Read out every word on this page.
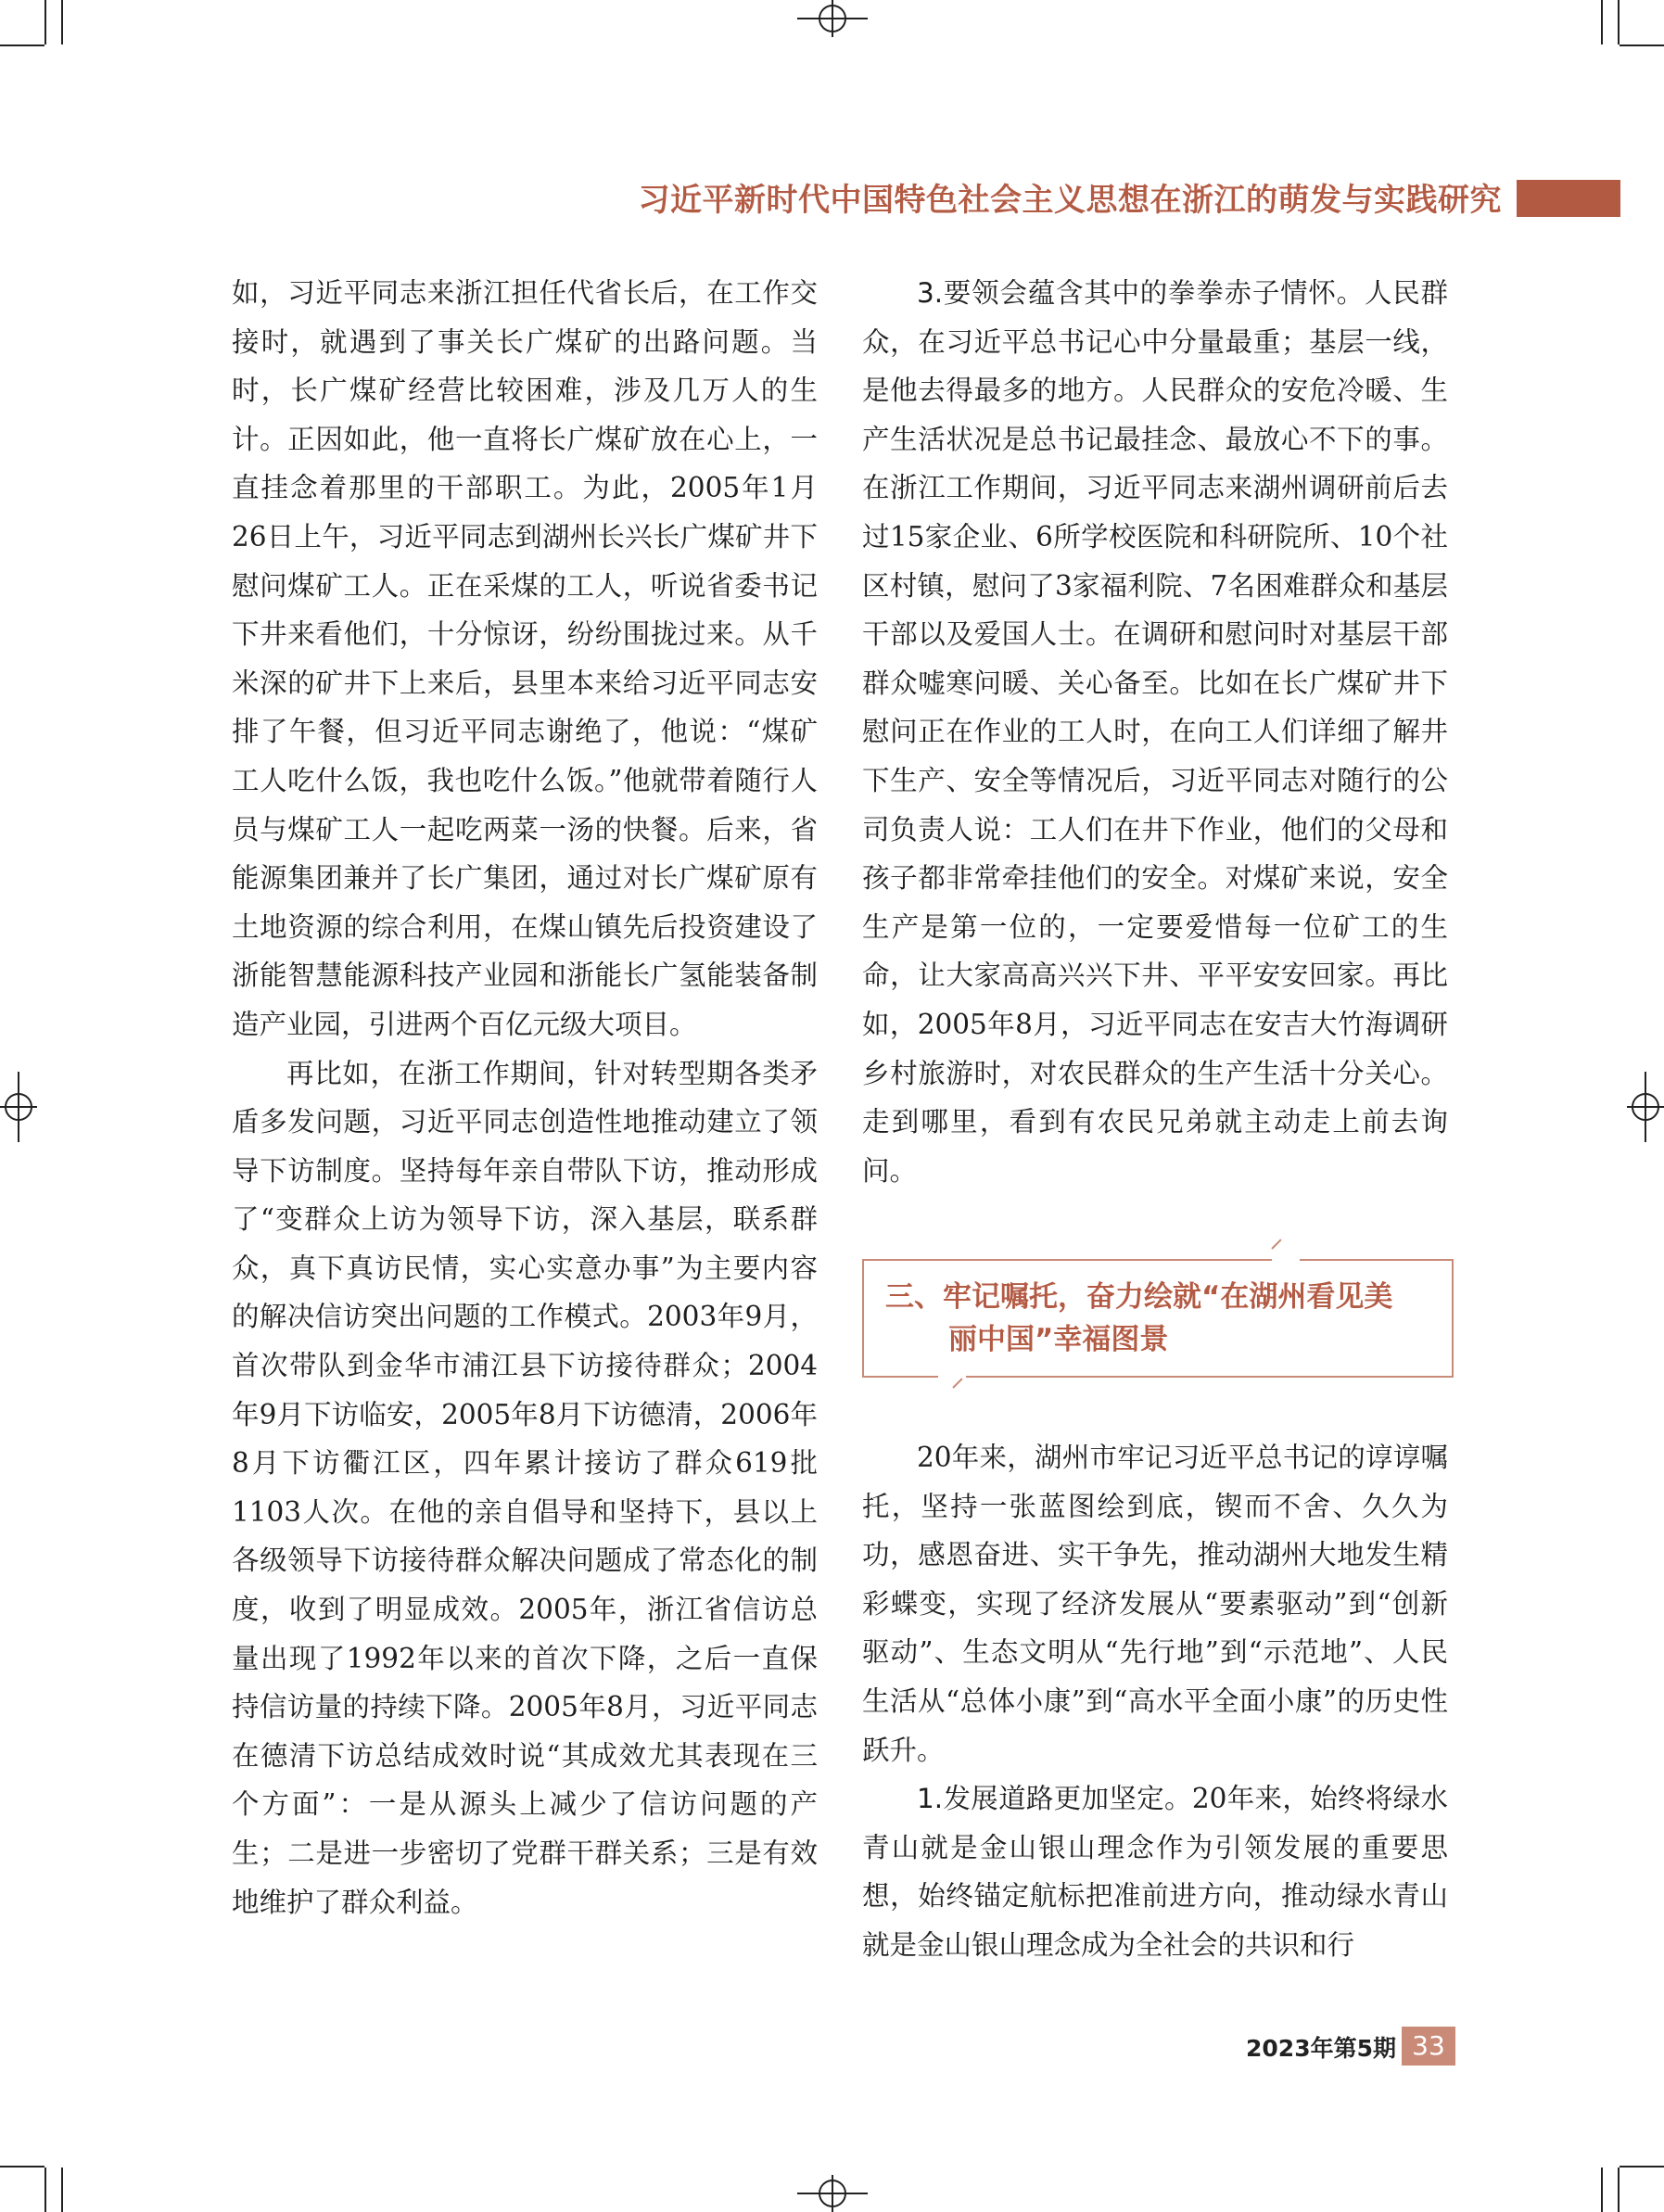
习近平新时代中国特色社会主义思想在浙江的萌发与实践研究

如，习近平同志来浙江担任代省长后，在工作交接时，就遇到了事关长广煤矿的出路问题。当时，长广煤矿经营比较困难，涉及几万人的生计。正因如此，他一直将长广煤矿放在心上，一直挂念着那里的干部职工。为此，2005年1月26日上午，习近平同志到湖州长兴长广煤矿井下慰问煤矿工人。正在采煤的工人，听说省委书记下井来看他们，十分惊讶，纷纷围拢过来。从千米深的矿井下上来后，县里本来给习近平同志安排了午餐，但习近平同志谢绝了，他说：“煤矿工人吃什么饭，我也吃什么饭。”他就带着随行人员与煤矿工人一起吃两菜一汤的快餐。后来，省能源集团兼并了长广集团，通过对长广煤矿原有土地资源的综合利用，在煤山镇先后投资建设了浙能智慧能源科技产业园和浙能长广氢能装备制造产业园，引进两个百亿元级大项目。

再比如，在浙工作期间，针对转型期各类矛盾多发问题，习近平同志创造性地推动建立了领导下访制度。坚持每年亲自带队下访，推动形成了“变群众上访为领导下访，深入基层，联系群众，真下真访民情，实心实意办事”为主要内容的解决信访突出问题的工作模式。2003年9月，首次带队到金华市浦江县下访接待群众；2004年9月下访临安，2005年8月下访德清，2006年8月下访衢江区，四年累计接访了群众619批1103人次。在他的亲自倡导和坚持下，县以上各级领导下访接待群众解决问题成了常态化的制度，收到了明显成效。2005年，浙江省信访总量出现了1992年以来的首次下降，之后一直保持信访量的持续下降。2005年8月，习近平同志在德清下访总结成效时说“其成效尤其表现在三个方面”：一是从源头上减少了信访问题的产生；二是进一步密切了党群干群关系；三是有效地维护了群众利益。

3.要领会蕴含其中的拳拳赤子情怀。人民群众，在习近平总书记心中分量最重；基层一线，是他去得最多的地方。人民群众的安危冷暖、生产生活状况是总书记最挂念、最放心不下的事。在浙江工作期间，习近平同志来湖州调研前后去过15家企业、6所学校医院和科研院所、10个社区村镇，慰问了3家福利院、7名困难群众和基层干部以及爱国人士。在调研和慰问时对基层干部群众嘘寒问暖、关心备至。比如在长广煤矿井下慰问正在作业的工人时，在向工人们详细了解井下生产、安全等情况后，习近平同志对随行的公司负责人说：工人们在井下作业，他们的父母和孩子都非常牵挂他们的安全。对煤矿来说，安全生产是第一位的，一定要爱惜每一位矿工的生命，让大家高高兴兴下井、平平安安回家。再比如，2005年8月，习近平同志在安吉大竹海调研乡村旅游时，对农民群众的生产生活十分关心。走到哪里，看到有农民兄弟就主动走上前去询问。

三、牢记嘱托，奋力绘就“在湖州看见美
丽中国”幸福图景

20年来，湖州市牢记习近平总书记的谆谆嘱托，坚持一张蓝图绘到底，锲而不舍、久久为功，感恩奋进、实干争先，推动湖州大地发生精彩蝶变，实现了经济发展从“要素驱动”到“创新驱动”、生态文明从“先行地”到“示范地”、人民生活从“总体小康”到“高水平全面小康”的历史性跃升。

1.发展道路更加坚定。20年来，始终将绿水青山就是金山银山理念作为引领发展的重要思想，始终锚定航标把准前进方向，推动绿水青山就是金山银山理念成为全社会的共识和行

2023年第5期 33
